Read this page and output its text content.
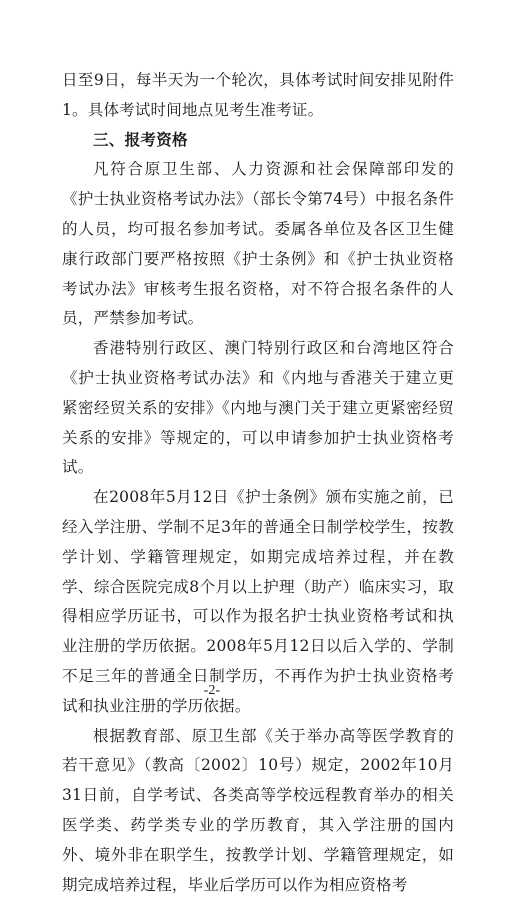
日至9日，每半天为一个轮次，具体考试时间安排见附件1。具体考试时间地点见考生准考证。

三、报考资格

凡符合原卫生部、人力资源和社会保障部印发的《护士执业资格考试办法》（部长令第74号）中报名条件的人员，均可报名参加考试。委属各单位及各区卫生健康行政部门要严格按照《护士条例》和《护士执业资格考试办法》审核考生报名资格，对不符合报名条件的人员，严禁参加考试。

香港特别行政区、澳门特别行政区和台湾地区符合《护士执业资格考试办法》和《内地与香港关于建立更紧密经贸关系的安排》《内地与澳门关于建立更紧密经贸关系的安排》等规定的，可以申请参加护士执业资格考试。

在2008年5月12日《护士条例》颁布实施之前，已经入学注册、学制不足3年的普通全日制学校学生，按教学计划、学籍管理规定，如期完成培养过程，并在教学、综合医院完成8个月以上护理（助产）临床实习，取得相应学历证书，可以作为报名护士执业资格考试和执业注册的学历依据。2008年5月12日以后入学的、学制不足三年的普通全日制学历，不再作为护士执业资格考试和执业注册的学历依据。

根据教育部、原卫生部《关于举办高等医学教育的若干意见》（教高〔2002〕10号）规定，2002年10月31日前，自学考试、各类高等学校远程教育举办的相关医学类、药学类专业的学历教育，其入学注册的国内外、境外非在职学生，按教学计划、学籍管理规定，如期完成培养过程，毕业后学历可以作为相应资格考

-2-
